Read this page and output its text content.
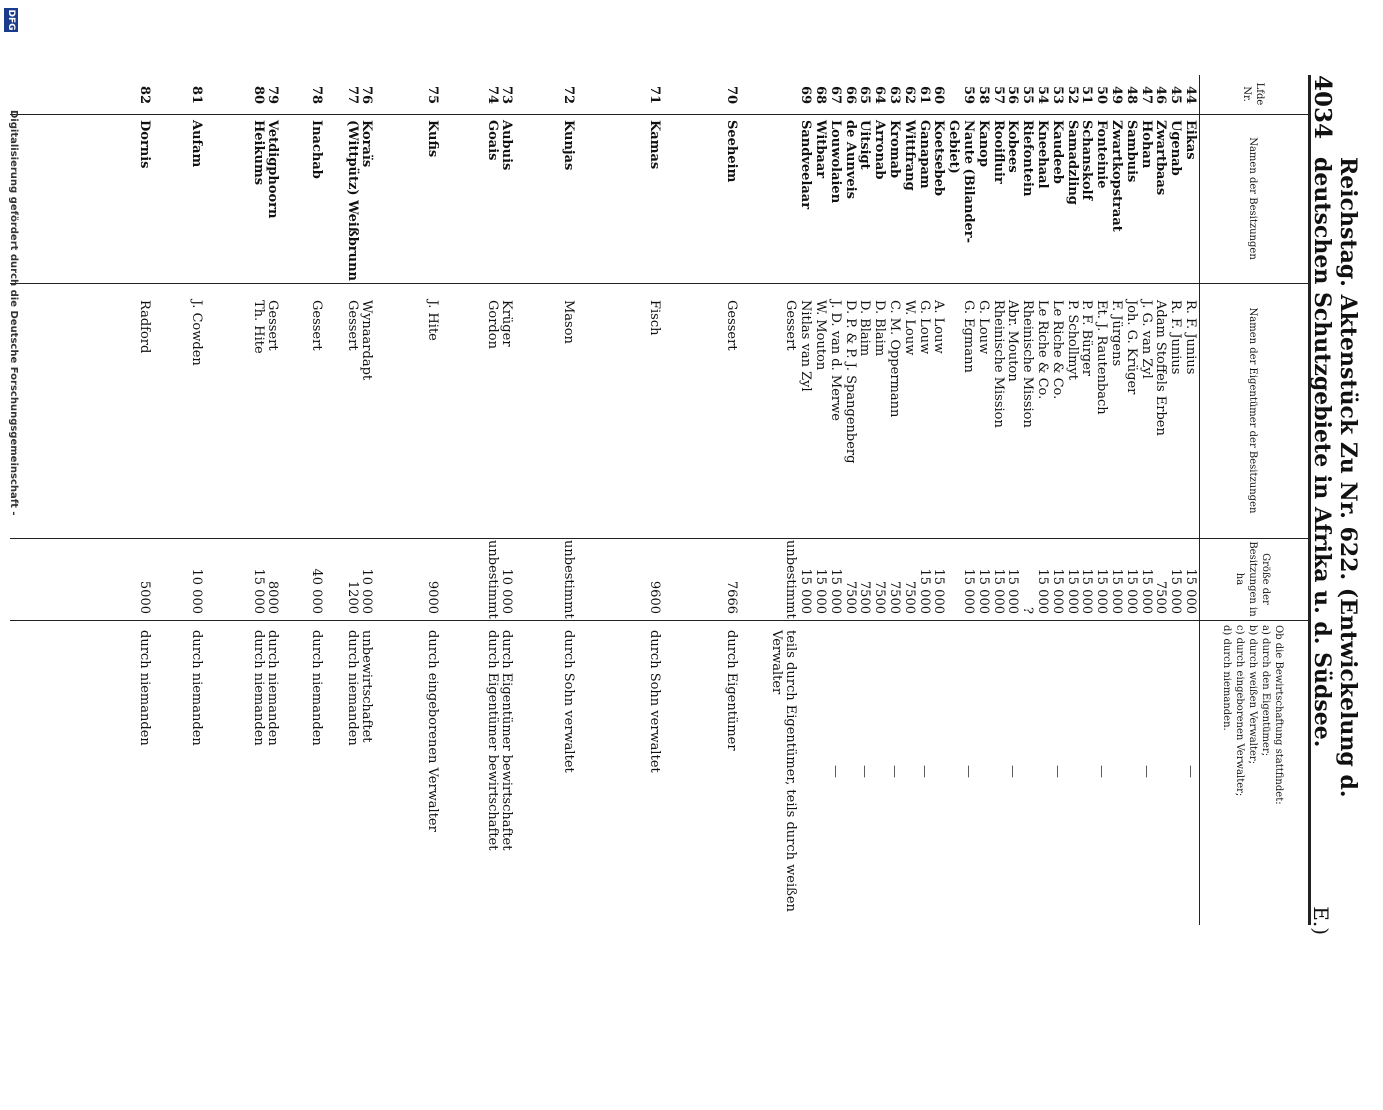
4034
Reichstag. Aktenstück Zu Nr. 622. (Entwickelung d. deutschen Schutzgebiete in Afrika u. d. Südsee.
E.)
Lfde Nr.
Namen der Besitzungen
Namen der Eigentümer der Besitzungen
Größe der Besitzungen in ha
Ob die Bewirtschaftung stattfindet:
a) durch den Eigentümer;
b) durch weißen Verwalter;
c) durch eingeborenen Verwalter;
d) durch niemanden.
44
45
46
47
48
49
50
51
52
53
54
55
56
57
58
59
60
61
62
63
64
65
66
67
68
69
Eikas
Ugenab
Zwartbaas
Hohan
Sambuis
Zwartkopstraat
Fonteinie
Schanskolf
Samadzling
Kaudeeb
Kneehaal
Riefontein
Kobees
Rooifluir
Kanop
Naute (Bilander-
Gebiet)
Koetsebeb
Ganapam
Wittfrang
Kromab
Arronab
Uitsigt
de Aunveis
Louwolaien
Witbaar
Sandveelaar
R. F. Junius
R. F. Junius
Adam Stoffels Erben
J. G. van Zyl
Joh. G. Krüger
F. Jürgens
Et. J. Rautenbach
P. F. Bürger
P. Schollmyt
Le Riche & Co.
Le Riche & Co.
Rheinische Mission
Abr. Mouton
Rheinische Mission
G. Louw
G. Egmann
A. Louw
G. Louw
W. Louw
C. M. Oppermann
D. Blaim
D. Blaim
D. P. & P. J. Spangenberg
J. D. van d. Merwe
W. Mouton
Nitlas van Zyl
Gessert
15 000
15 000
7500
15 000
15 000
15 000
15 000
15 000
15 000
15 000
15 000
?
15 000
15 000
15 000
15 000
15 000
15 000
7500
7500
7500
7500
7500
15 000
15 000
15 000
unbestimmt
—
—
—
—
—
—
—
—
—
—
teils durch Eigentümer, teils durch weißen Verwalter
70
Seeheim
Gessert
7666
durch Eigentümer
71
Kamas
Fisch
9600
durch Sohn verwaltet
72
Kunjas
Mason
unbestimmt
durch Sohn verwaltet
73
Aubuis
Krüger
10 000
durch Eigentümer bewirtschaftet
74
Goais
Gordon
unbestimmt
durch Eigentümer bewirtschaftet
75
Kufis
J. Hite
9000
durch eingeborenen Verwalter
76
Koraïs
Wynaardapt
10 000
unbewirtschaftet
77
(Wittpütz) Weißbrunn
Gessert
1200
durch niemanden
78
Inachab
Gessert
40 000
durch niemanden
79
Vetdigphoorn
Gessert
8000
durch niemanden
80
Heikums
Th. Hite
15 000
durch niemanden
81
Aufam
J. Cowden
10 000
durch niemanden
82
Dornis
Radford
5000
durch niemanden
Digitalisierung gefördert durch die Deutsche Forschungsgemeinschaft -
DFG
